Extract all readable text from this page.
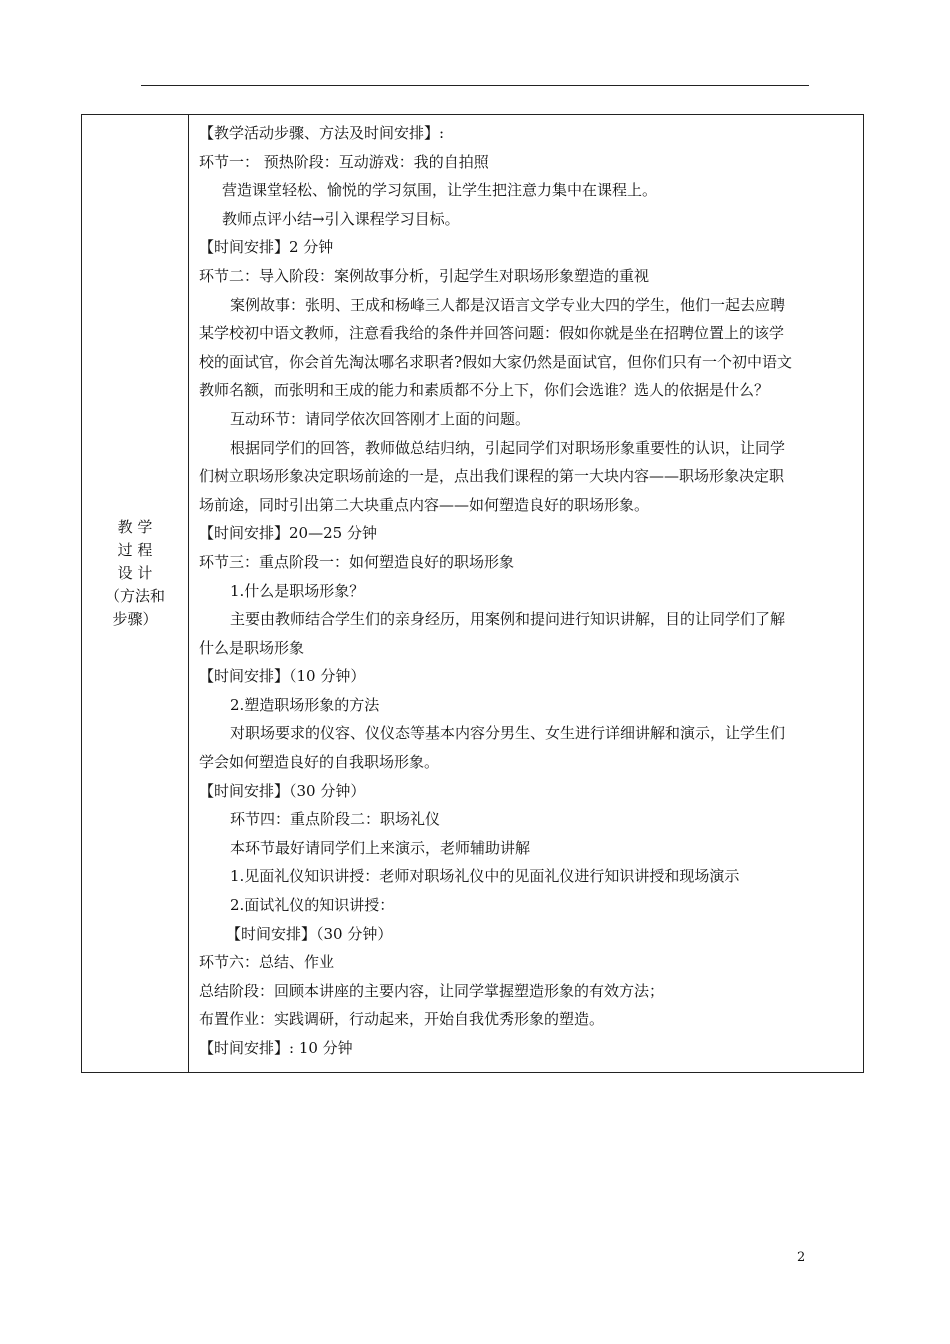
教 学
过 程
设 计
（方法和
步骤）

【教学活动步骤、方法及时间安排】:

环节一： 预热阶段：互动游戏：我的自拍照

营造课堂轻松、愉悦的学习氛围，让学生把注意力集中在课程上。

教师点评小结→引入课程学习目标。

【时间安排】2 分钟

环节二：导入阶段：案例故事分析，引起学生对职场形象塑造的重视

案例故事：张明、王成和杨峰三人都是汉语言文学专业大四的学生，他们一起去应聘

某学校初中语文教师，注意看我给的条件并回答问题：假如你就是坐在招聘位置上的该学

校的面试官，你会首先淘汰哪名求职者?假如大家仍然是面试官，但你们只有一个初中语文

教师名额，而张明和王成的能力和素质都不分上下，你们会选谁？选人的依据是什么？

互动环节：请同学依次回答刚才上面的问题。

根据同学们的回答，教师做总结归纳，引起同学们对职场形象重要性的认识，让同学

们树立职场形象决定职场前途的一是，点出我们课程的第一大块内容——职场形象决定职

场前途，同时引出第二大块重点内容——如何塑造良好的职场形象。

【时间安排】20—25 分钟

环节三：重点阶段一：如何塑造良好的职场形象

1.什么是职场形象？

主要由教师结合学生们的亲身经历，用案例和提问进行知识讲解，目的让同学们了解

什么是职场形象

【时间安排】（10 分钟）

2.塑造职场形象的方法

对职场要求的仪容、仪仪态等基本内容分男生、女生进行详细讲解和演示，让学生们

学会如何塑造良好的自我职场形象。

【时间安排】（30 分钟）

环节四：重点阶段二：职场礼仪

本环节最好请同学们上来演示，老师辅助讲解

1.见面礼仪知识讲授：老师对职场礼仪中的见面礼仪进行知识讲授和现场演示

2.面试礼仪的知识讲授：

【时间安排】（30 分钟）

环节六：总结、作业

总结阶段：回顾本讲座的主要内容，让同学掌握塑造形象的有效方法；

布置作业：实践调研，行动起来，开始自我优秀形象的塑造。

【时间安排】: 10 分钟

2
